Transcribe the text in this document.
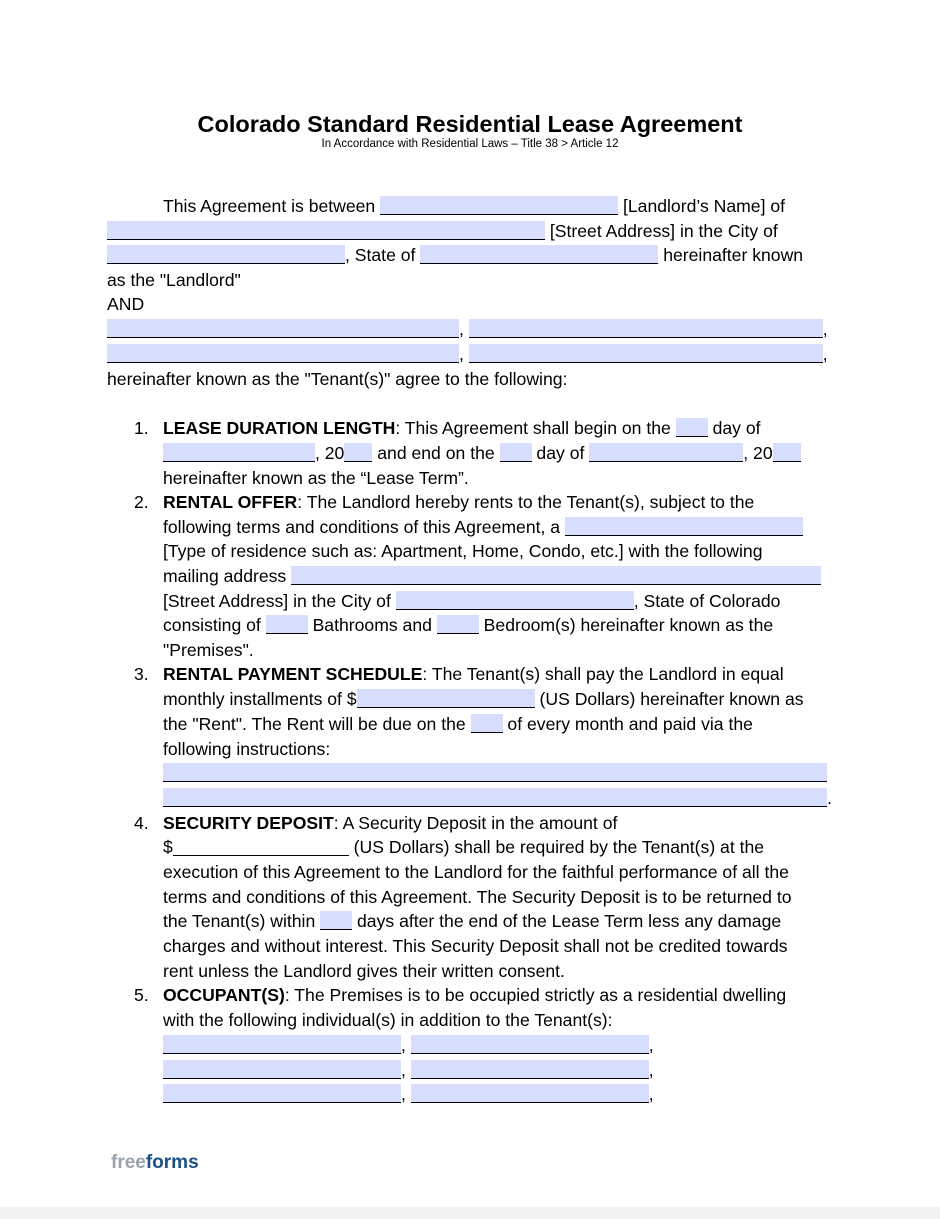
Colorado Standard Residential Lease Agreement
In Accordance with Residential Laws – Title 38 > Article 12
This Agreement is between	[Landlord’s Name] of
[Street Address] in the City of
, State of	hereinafter known
as the "Landlord"
AND
,	,
,	,
hereinafter known as the "Tenant(s)" agree to the following:
1. LEASE DURATION LENGTH: This Agreement shall begin on the  day of
, 20 and end on the  day of	, 20
hereinafter known as the “Lease Term”.
2. RENTAL OFFER: The Landlord hereby rents to the Tenant(s), subject to the
following terms and conditions of this Agreement, a
[Type of residence such as: Apartment, Home, Condo, etc.] with the following
mailing address
[Street Address] in the City of	, State of Colorado
consisting of  Bathrooms and  Bedroom(s) hereinafter known as the
"Premises".
3. RENTAL PAYMENT SCHEDULE: The Tenant(s) shall pay the Landlord in equal
monthly installments of $	(US Dollars) hereinafter known as
the "Rent". The Rent will be due on the  of every month and paid via the
following instructions:
.
4. SECURITY DEPOSIT: A Security Deposit in the amount of
$	(US Dollars) shall be required by the Tenant(s) at the
execution of this Agreement to the Landlord for the faithful performance of all the
terms and conditions of this Agreement. The Security Deposit is to be returned to
the Tenant(s) within  days after the end of the Lease Term less any damage
charges and without interest. This Security Deposit shall not be credited towards
rent unless the Landlord gives their written consent.
5. OCCUPANT(S): The Premises is to be occupied strictly as a residential dwelling
with the following individual(s) in addition to the Tenant(s):
,	,
,	,
,	,
freeforms
